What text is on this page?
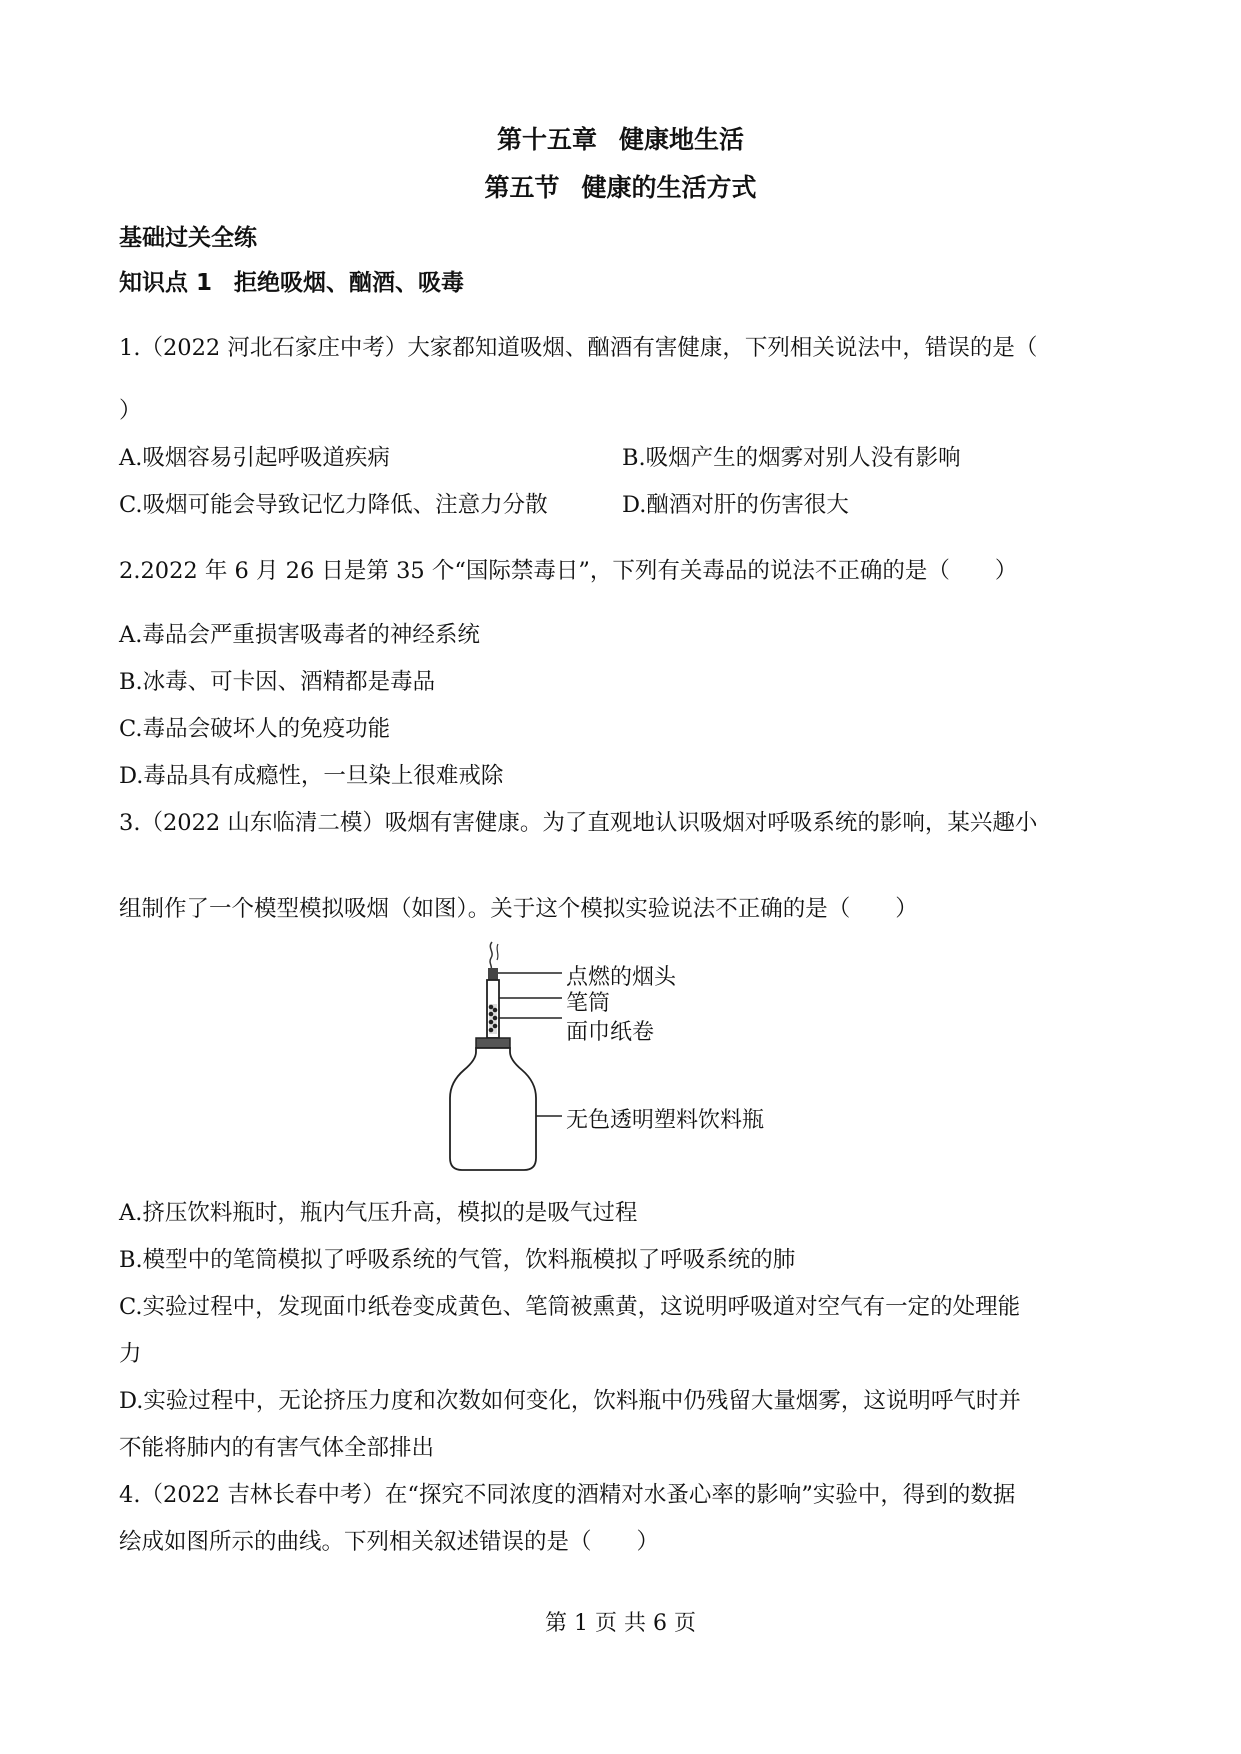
第十五章 健康地生活
第五节 健康的生活方式
基础过关全练
知识点 1 拒绝吸烟、酗酒、吸毒
1.（2022 河北石家庄中考）大家都知道吸烟、酗酒有害健康，下列相关说法中，错误的是（
）
A.吸烟容易引起呼吸道疾病	B.吸烟产生的烟雾对别人没有影响
C.吸烟可能会导致记忆力降低、注意力分散	D.酗酒对肝的伤害很大
2.2022 年 6 月 26 日是第 35 个“国际禁毒日”，下列有关毒品的说法不正确的是（　　）
A.毒品会严重损害吸毒者的神经系统
B.冰毒、可卡因、酒精都是毒品
C.毒品会破坏人的免疫功能
D.毒品具有成瘾性，一旦染上很难戒除
3.（2022 山东临清二模）吸烟有害健康。为了直观地认识吸烟对呼吸系统的影响，某兴趣小
组制作了一个模型模拟吸烟（如图）。关于这个模拟实验说法不正确的是（　　）
点燃的烟头
笔筒
面巾纸卷
无色透明塑料饮料瓶
A.挤压饮料瓶时，瓶内气压升高，模拟的是吸气过程
B.模型中的笔筒模拟了呼吸系统的气管，饮料瓶模拟了呼吸系统的肺
C.实验过程中，发现面巾纸卷变成黄色、笔筒被熏黄，这说明呼吸道对空气有一定的处理能
力
D.实验过程中，无论挤压力度和次数如何变化，饮料瓶中仍残留大量烟雾，这说明呼气时并
不能将肺内的有害气体全部排出
4.（2022 吉林长春中考）在“探究不同浓度的酒精对水蚤心率的影响”实验中，得到的数据
绘成如图所示的曲线。下列相关叙述错误的是（　　）
第 1 页 共 6 页
